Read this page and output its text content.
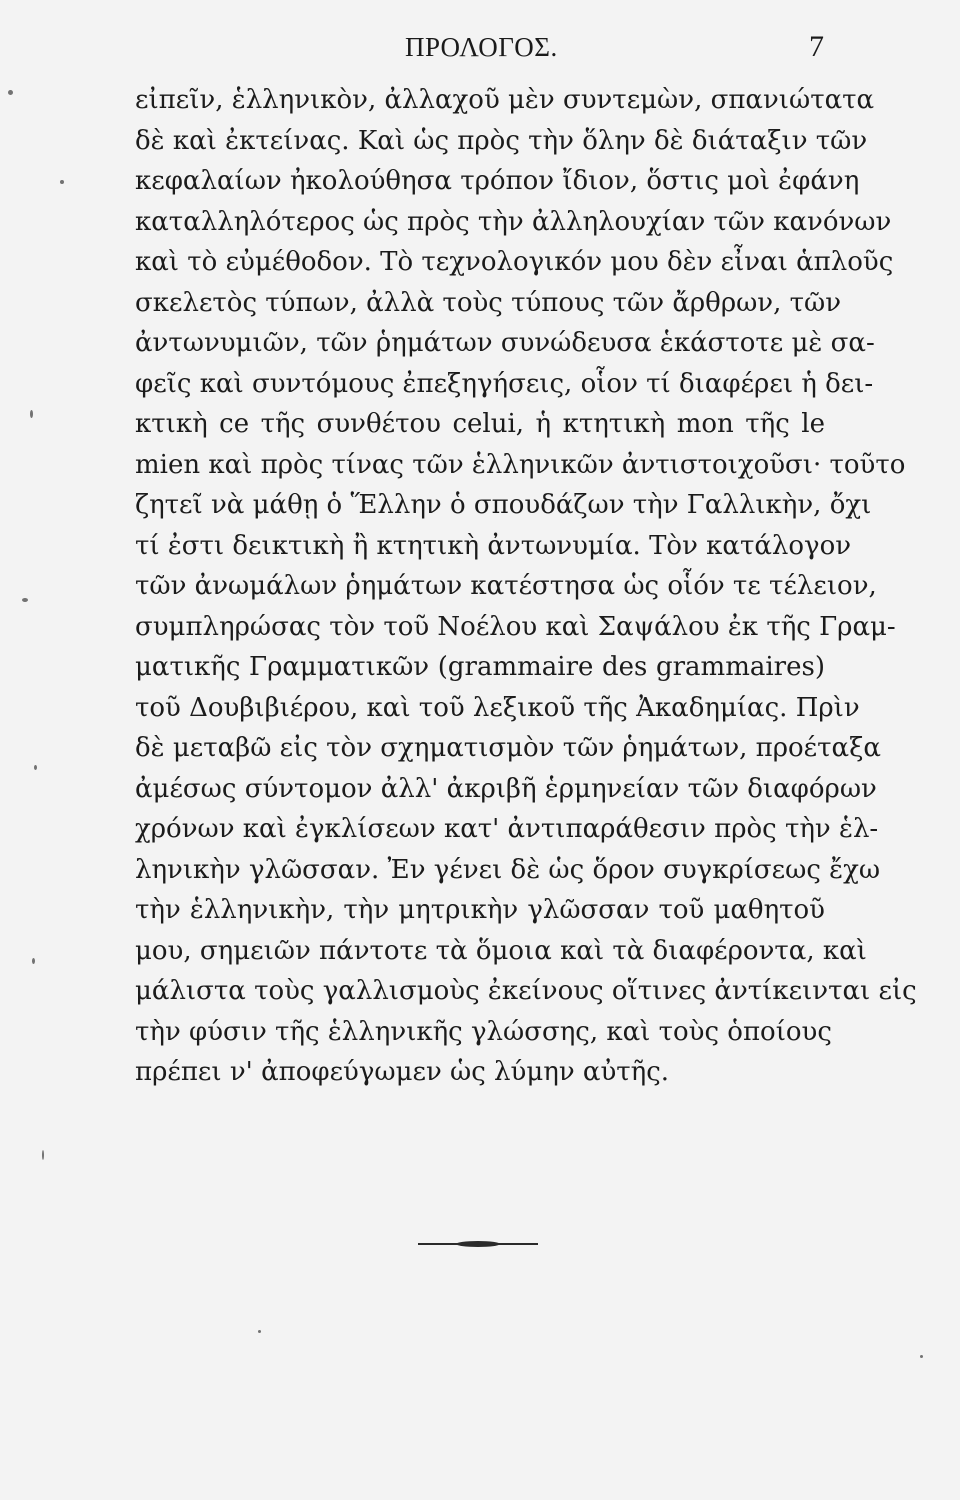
ΠΡΟΛΟΓΟΣ.	7
εἰπεῖν, ἑλληνικὸν, ἀλλαχοῦ μὲν συντεμὼν, σπανιώτατα
δὲ καὶ ἐκτείνας. Καὶ ὡς πρὸς τὴν ὅλην δὲ διάταξιν τῶν
κεφαλαίων ἠκολούθησα τρόπον ἴδιον, ὅστις μοὶ ἐφάνη
καταλληλότερος ὡς πρὸς τὴν ἀλληλουχίαν τῶν κανόνων
καὶ τὸ εὐμέθοδον. Τὸ τεχνολογικόν μου δὲν εἶναι ἁπλοῦς
σκελετὸς τύπων, ἀλλὰ τοὺς τύπους τῶν ἄρθρων, τῶν
ἀντωνυμιῶν, τῶν ῥημάτων συνώδευσα ἑκάστοτε μὲ σα-
φεῖς καὶ συντόμους ἐπεξηγήσεις, οἷον τί διαφέρει ἡ δει-
κτικὴ ce τῆς συνθέτου celui, ἡ κτητικὴ mon τῆς le
mien καὶ πρὸς τίνας τῶν ἑλληνικῶν ἀντιστοιχοῦσι· τοῦτο
ζητεῖ νὰ μάθῃ ὁ Ἕλλην ὁ σπουδάζων τὴν Γαλλικὴν, ὄχι
τί ἐστι δεικτικὴ ἢ κτητικὴ ἀντωνυμία. Τὸν κατάλογον
τῶν ἀνωμάλων ῥημάτων κατέστησα ὡς οἷόν τε τέλειον,
συμπληρώσας τὸν τοῦ Νοέλου καὶ Σαψάλου ἐκ τῆς Γραμ-
ματικῆς Γραμματικῶν (grammaire des grammaires)
τοῦ Δουβιβιέρου, καὶ τοῦ λεξικοῦ τῆς Ἀκαδημίας. Πρὶν
δὲ μεταβῶ εἰς τὸν σχηματισμὸν τῶν ῥημάτων, προέταξα
ἀμέσως σύντομον ἀλλ' ἀκριβῆ ἑρμηνείαν τῶν διαφόρων
χρόνων καὶ ἐγκλίσεων κατ' ἀντιπαράθεσιν πρὸς τὴν ἑλ-
ληνικὴν γλῶσσαν. Ἐν γένει δὲ ὡς ὅρον συγκρίσεως ἔχω
τὴν ἑλληνικὴν, τὴν μητρικὴν γλῶσσαν τοῦ μαθητοῦ
μου, σημειῶν πάντοτε τὰ ὅμοια καὶ τὰ διαφέροντα, καὶ
μάλιστα τοὺς γαλλισμοὺς ἐκείνους οἵτινες ἀντίκεινται εἰς
τὴν φύσιν τῆς ἑλληνικῆς γλώσσης, καὶ τοὺς ὁποίους
πρέπει ν' ἀποφεύγωμεν ὡς λύμην αὐτῆς.
